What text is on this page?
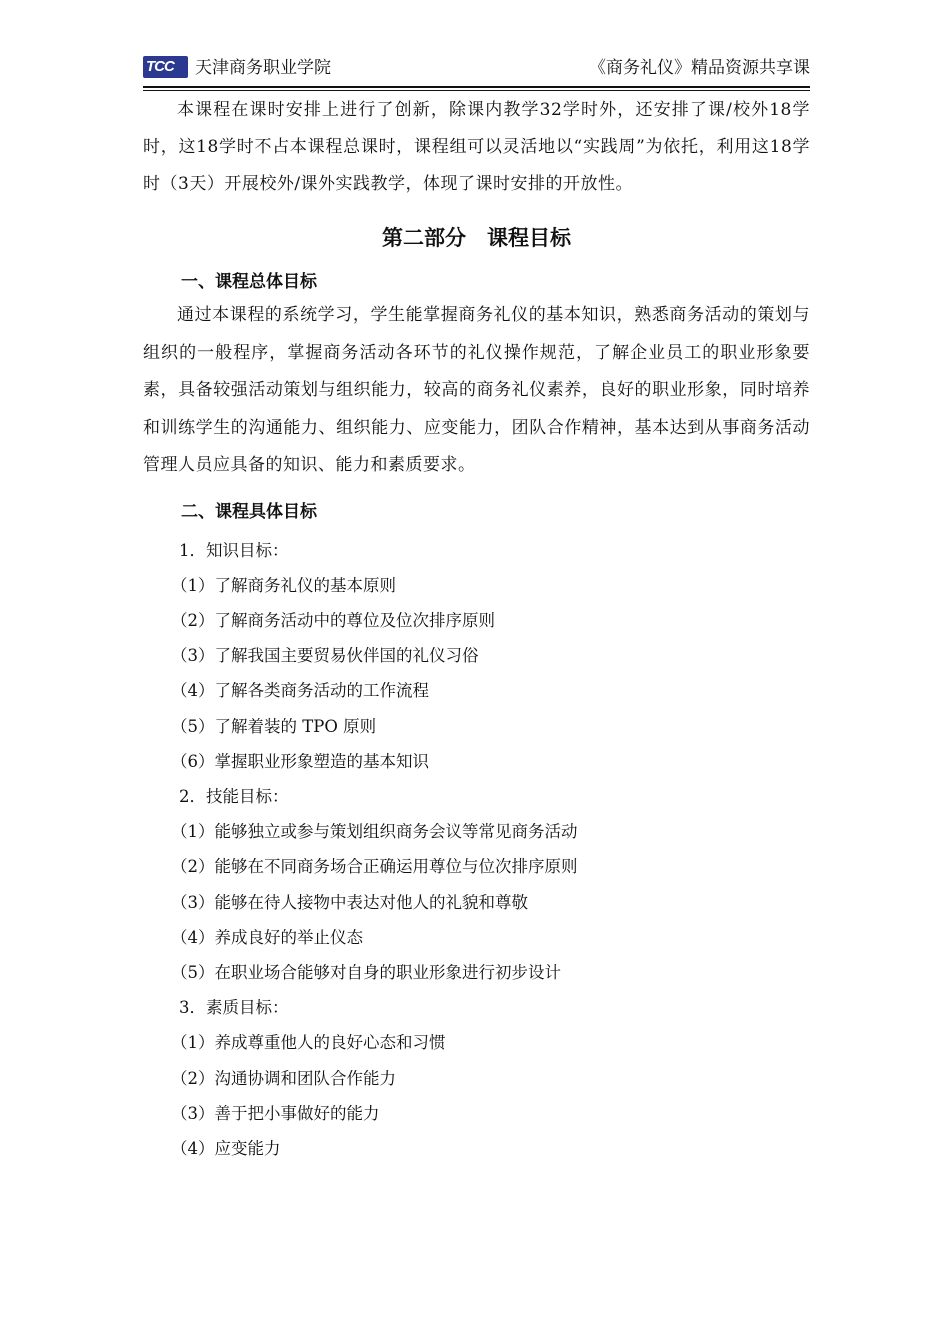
TCC 天津商务职业学院	《商务礼仪》精品资源共享课

本课程在课时安排上进行了创新，除课内教学32学时外，还安排了课/校外18学时，这18学时不占本课程总课时，课程组可以灵活地以“实践周”为依托，利用这18学时（3天）开展校外/课外实践教学，体现了课时安排的开放性。

第二部分　课程目标
一、课程总体目标

通过本课程的系统学习，学生能掌握商务礼仪的基本知识，熟悉商务活动的策划与组织的一般程序，掌握商务活动各环节的礼仪操作规范，了解企业员工的职业形象要素，具备较强活动策划与组织能力，较高的商务礼仪素养，良好的职业形象，同时培养和训练学生的沟通能力、组织能力、应变能力，团队合作精神，基本达到从事商务活动管理人员应具备的知识、能力和素质要求。

二、课程具体目标
1．知识目标：
（1）了解商务礼仪的基本原则
（2）了解商务活动中的尊位及位次排序原则
（3）了解我国主要贸易伙伴国的礼仪习俗
（4）了解各类商务活动的工作流程
（5）了解着装的 TPO 原则
（6）掌握职业形象塑造的基本知识
2．技能目标：
（1）能够独立或参与策划组织商务会议等常见商务活动
（2）能够在不同商务场合正确运用尊位与位次排序原则
（3）能够在待人接物中表达对他人的礼貌和尊敬
（4）养成良好的举止仪态
（5）在职业场合能够对自身的职业形象进行初步设计
3．素质目标：
（1）养成尊重他人的良好心态和习惯
（2）沟通协调和团队合作能力
（3）善于把小事做好的能力
（4）应变能力
